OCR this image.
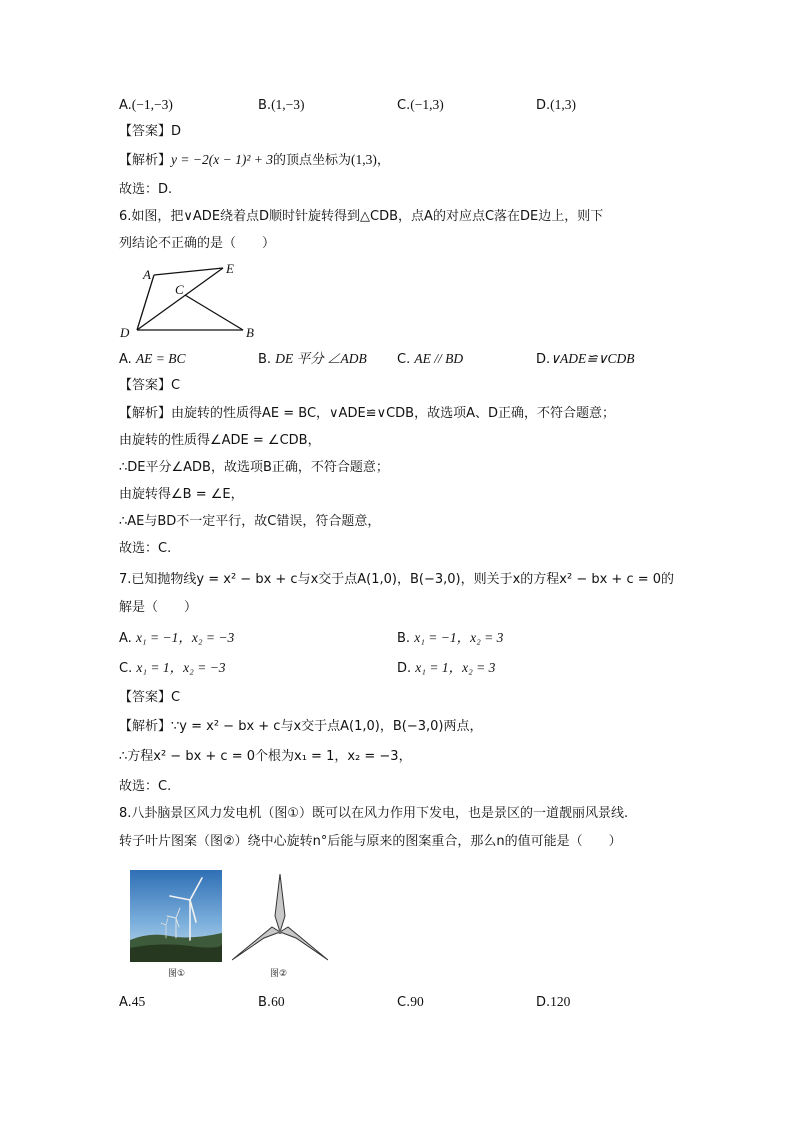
A.(−1,−3)	B.(1,−3)	C.(−1,3)	D.(1,3)
【答案】D
【解析】y = −2(x − 1)² + 3的顶点坐标为(1,3)，
故选：D.
6.如图，把∨ADE绕着点D顺时针旋转得到△CDB，点A的对应点C落在DE边上，则下
列结论不正确的是（　　）
A	E
C
D	B
A. AE = BC	B. DE 平分 ∠ADB C. AE // BD	D.∨ADE≌∨CDB
【答案】C
【解析】由旋转的性质得AE = BC，∨ADE≌∨CDB，故选项A、D正确，不符合题意；
由旋转的性质得∠ADE = ∠CDB，
∴DE平分∠ADB，故选项B正确，不符合题意；
由旋转得∠B = ∠E，
∴AE与BD不一定平行，故C错误，符合题意，
故选：C.
7.已知抛物线y = x² − bx + c与x交于点A(1,0)，B(−3,0)，则关于x的方程x² − bx + c = 0的
解是（　　）
A. x₁ = −1，x₂ = −3	B. x₁ = −1，x₂ = 3
C. x₁ = 1，x₂ = −3	D. x₁ = 1，x₂ = 3
【答案】C
【解析】∵y = x² − bx + c与x交于点A(1,0)，B(−3,0)两点，
∴方程x² − bx + c = 0个根为x₁ = 1，x₂ = −3，
故选：C.
8.八卦脑景区风力发电机（图①）既可以在风力作用下发电，也是景区的一道靓丽风景线.
转子叶片图案（图②）绕中心旋转n°后能与原来的图案重合，那么n的值可能是（　　）
图①	图②
A.45	B.60	C.90	D.120
